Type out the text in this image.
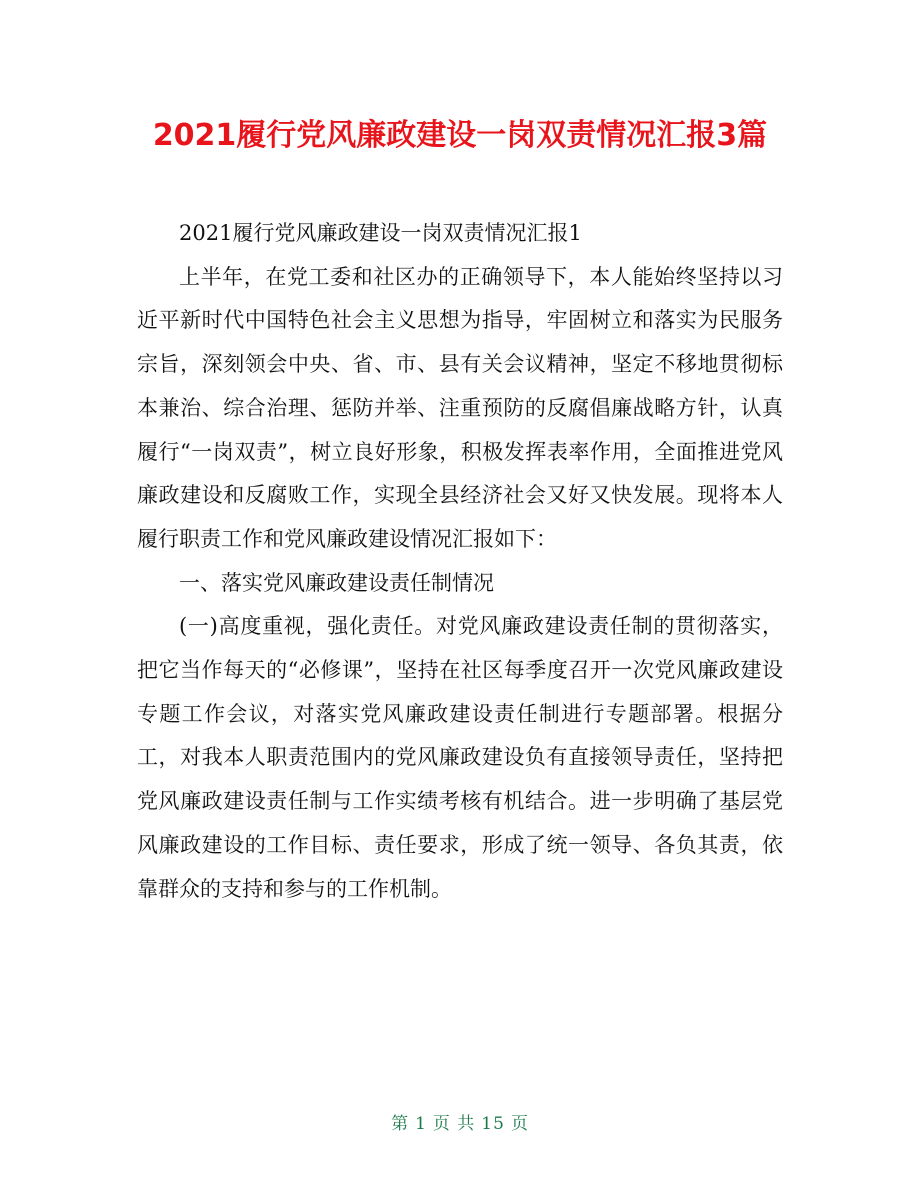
2021履行党风廉政建设一岗双责情况汇报3篇

2021履行党风廉政建设一岗双责情况汇报1

上半年，在党工委和社区办的正确领导下，本人能始终坚持以习近平新时代中国特色社会主义思想为指导，牢固树立和落实为民服务宗旨，深刻领会中央、省、市、县有关会议精神，坚定不移地贯彻标本兼治、综合治理、惩防并举、注重预防的反腐倡廉战略方针，认真履行“一岗双责”，树立良好形象，积极发挥表率作用，全面推进党风廉政建设和反腐败工作，实现全县经济社会又好又快发展。现将本人履行职责工作和党风廉政建设情况汇报如下：

一、落实党风廉政建设责任制情况

(一)高度重视，强化责任。对党风廉政建设责任制的贯彻落实，把它当作每天的“必修课”，坚持在社区每季度召开一次党风廉政建设专题工作会议，对落实党风廉政建设责任制进行专题部署。根据分工，对我本人职责范围内的党风廉政建设负有直接领导责任，坚持把党风廉政建设责任制与工作实绩考核有机结合。进一步明确了基层党风廉政建设的工作目标、责任要求，形成了统一领导、各负其责，依靠群众的支持和参与的工作机制。

第 1 页 共 15 页
